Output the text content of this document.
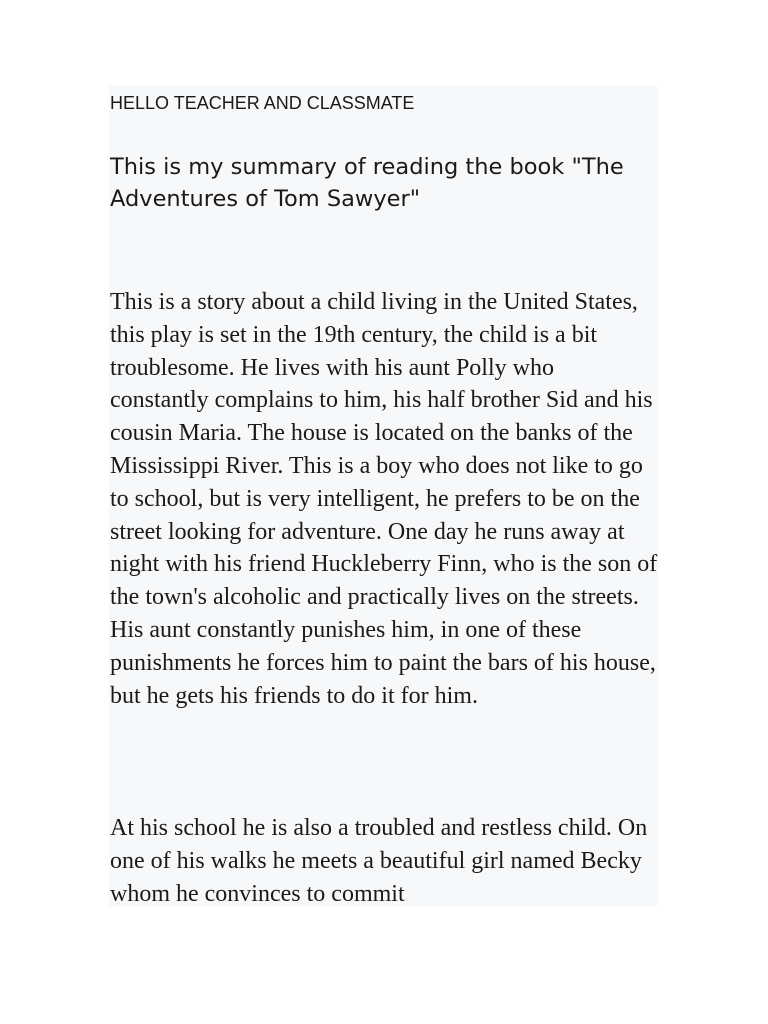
HELLO TEACHER AND CLASSMATE

This is my summary of reading the book "The Adventures of Tom Sawyer"

This is a story about a child living in the United States, this play is set in the 19th century, the child is a bit troublesome. He lives with his aunt Polly who constantly complains to him, his half brother Sid and his cousin Maria. The house is located on the banks of the Mississippi River. This is a boy who does not like to go to school, but is very intelligent, he prefers to be on the street looking for adventure. One day he runs away at night with his friend Huckleberry Finn, who is the son of the town's alcoholic and practically lives on the streets. His aunt constantly punishes him, in one of these punishments he forces him to paint the bars of his house, but he gets his friends to do it for him.

At his school he is also a troubled and restless child. On one of his walks he meets a beautiful girl named Becky whom he convinces to commit
